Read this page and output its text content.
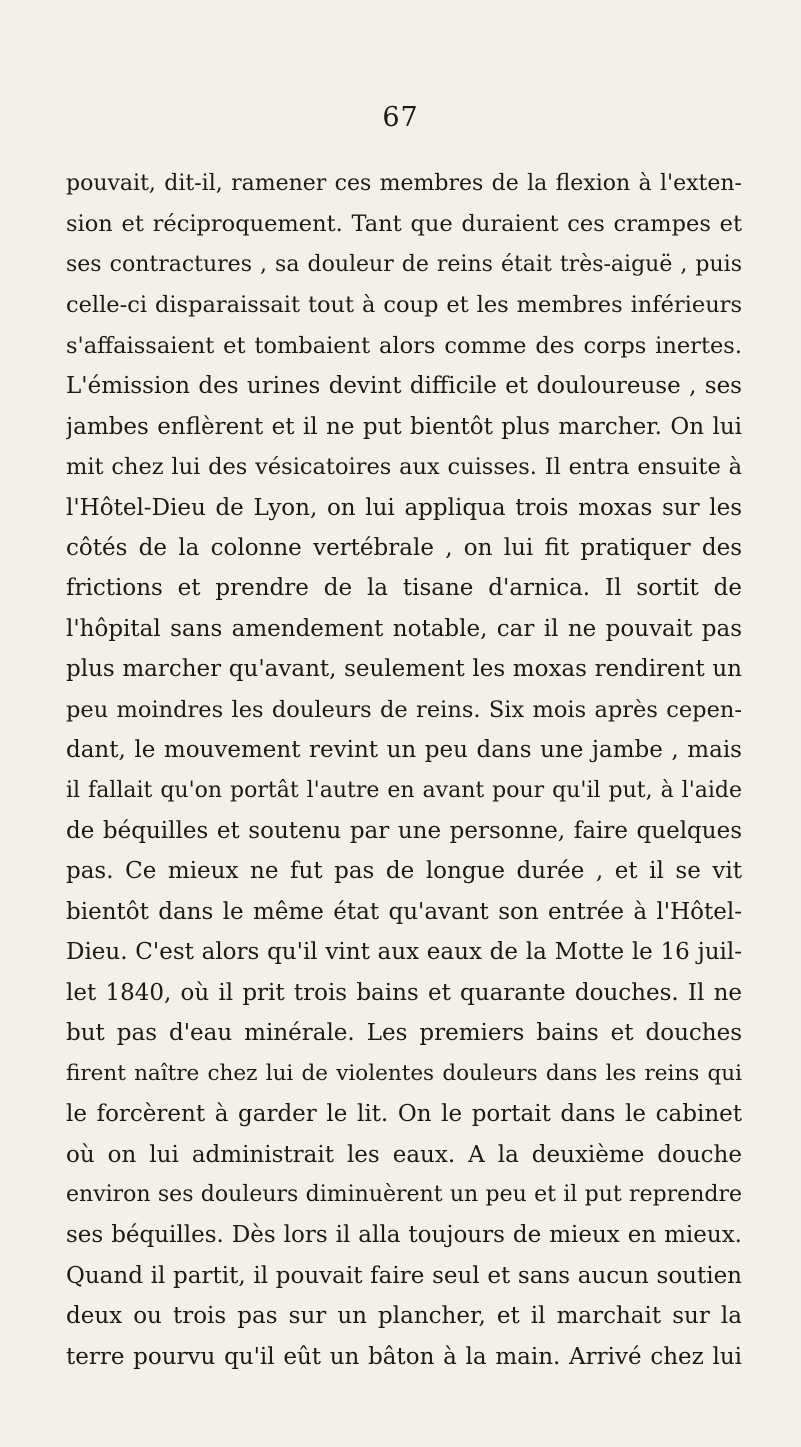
67
pouvait, dit-il, ramener ces membres de la flexion à l'exten-
sion et réciproquement. Tant que duraient ces crampes et
ses contractures , sa douleur de reins était très-aiguë , puis
celle-ci disparaissait tout à coup et les membres inférieurs
s'affaissaient et tombaient alors comme des corps inertes.
L'émission des urines devint difficile et douloureuse , ses
jambes enflèrent et il ne put bientôt plus marcher. On lui
mit chez lui des vésicatoires aux cuisses. Il entra ensuite à
l'Hôtel-Dieu de Lyon, on lui appliqua trois moxas sur les
côtés de la colonne vertébrale , on lui fit pratiquer des
frictions et prendre de la tisane d'arnica. Il sortit de
l'hôpital sans amendement notable, car il ne pouvait pas
plus marcher qu'avant, seulement les moxas rendirent un
peu moindres les douleurs de reins. Six mois après cepen-
dant, le mouvement revint un peu dans une jambe , mais
il fallait qu'on portât l'autre en avant pour qu'il put, à l'aide
de béquilles et soutenu par une personne, faire quelques
pas. Ce mieux ne fut pas de longue durée , et il se vit
bientôt dans le même état qu'avant son entrée à l'Hôtel-
Dieu. C'est alors qu'il vint aux eaux de la Motte le 16 juil-
let 1840, où il prit trois bains et quarante douches. Il ne
but pas d'eau minérale. Les premiers bains et douches
firent naître chez lui de violentes douleurs dans les reins qui
le forcèrent à garder le lit. On le portait dans le cabinet
où on lui administrait les eaux. A la deuxième douche
environ ses douleurs diminuèrent un peu et il put reprendre
ses béquilles. Dès lors il alla toujours de mieux en mieux.
Quand il partit, il pouvait faire seul et sans aucun soutien
deux ou trois pas sur un plancher, et il marchait sur la
terre pourvu qu'il eût un bâton à la main. Arrivé chez lui
